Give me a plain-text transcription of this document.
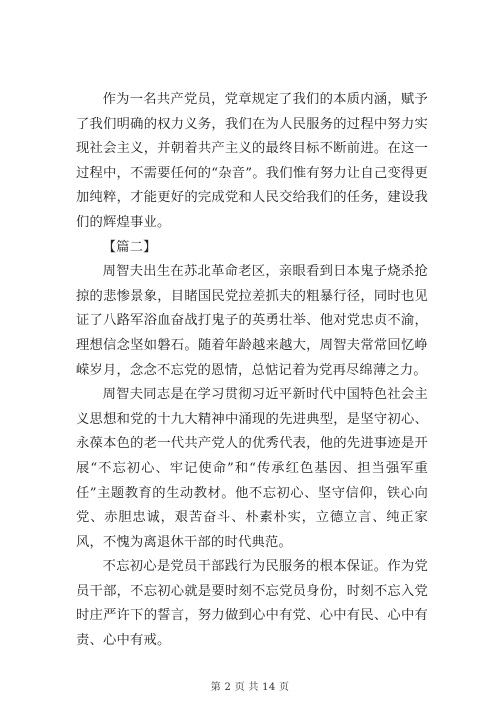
作为一名共产党员，党章规定了我们的本质内涵，赋予了我们明确的权力义务，我们在为人民服务的过程中努力实现社会主义，并朝着共产主义的最终目标不断前进。在这一过程中，不需要任何的“杂音”。我们惟有努力让自己变得更加纯粹，才能更好的完成党和人民交给我们的任务，建设我们的辉煌事业。

【篇二】

周智夫出生在苏北革命老区，亲眼看到日本鬼子烧杀抢掠的悲惨景象，目睹国民党拉差抓夫的粗暴行径，同时也见证了八路军浴血奋战打鬼子的英勇壮举、他对党忠贞不渝，理想信念坚如磐石。随着年龄越来越大，周智夫常常回忆峥嵘岁月，念念不忘党的恩情，总惦记着为党再尽绵薄之力。

周智夫同志是在学习贯彻习近平新时代中国特色社会主义思想和党的十九大精神中涌现的先进典型，是坚守初心、永葆本色的老一代共产党人的优秀代表，他的先进事迹是开展“不忘初心、牢记使命”和“传承红色基因、担当强军重任”主题教育的生动教材。他不忘初心、坚守信仰，铁心向党、赤胆忠诚，艰苦奋斗、朴素朴实，立德立言、纯正家风，不愧为离退休干部的时代典范。

不忘初心是党员干部践行为民服务的根本保证。作为党员干部，不忘初心就是要时刻不忘党员身份，时刻不忘入党时庄严许下的誓言，努力做到心中有党、心中有民、心中有责、心中有戒。

第 2 页 共 14 页
